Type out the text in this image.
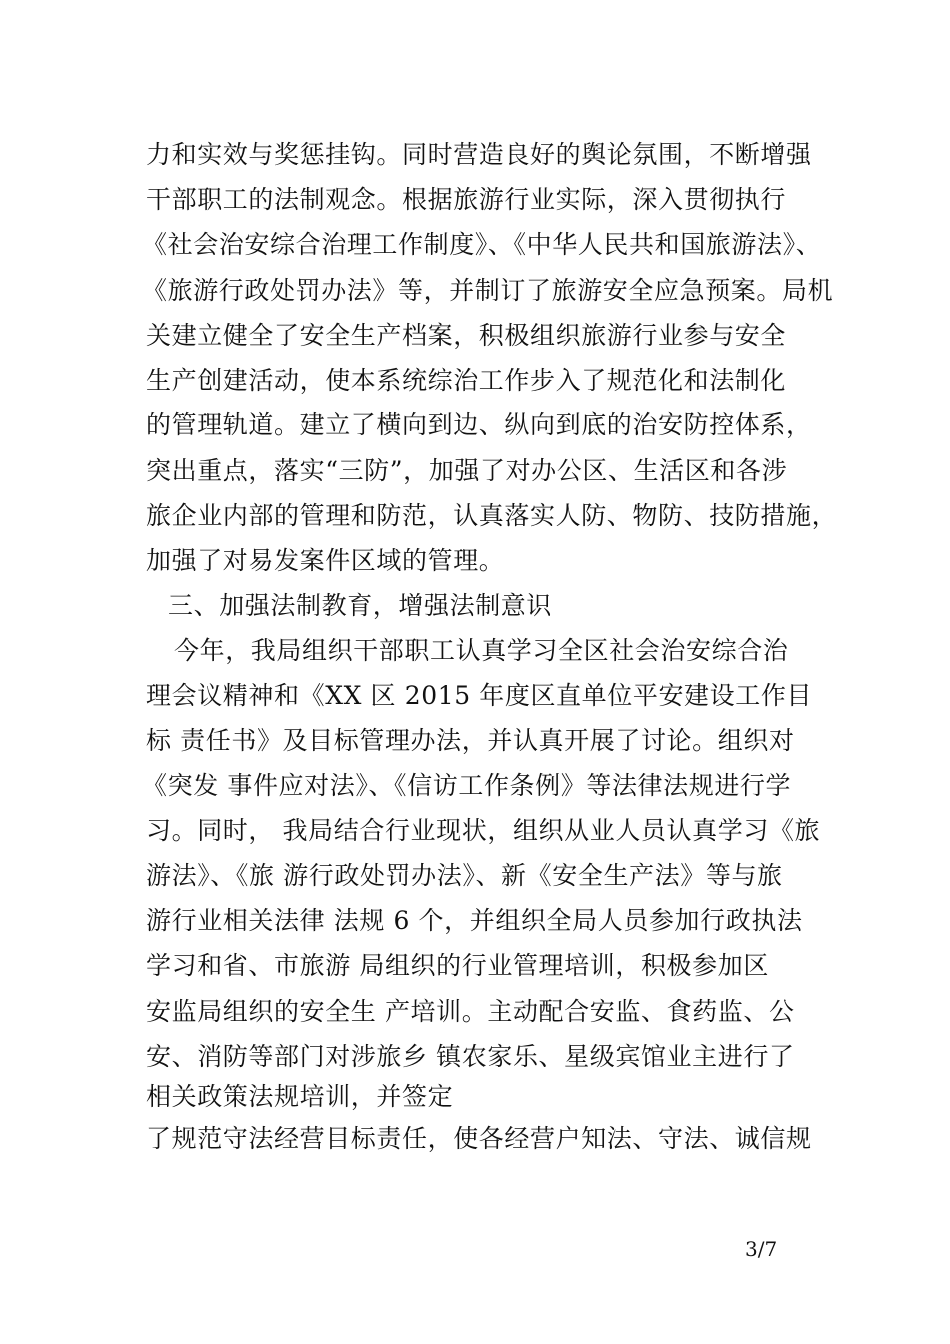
力和实效与奖惩挂钩。同时营造良好的舆论氛围，不断增强
干部职工的法制观念。根据旅游行业实际，深入贯彻执行
《社会治安综合治理工作制度》、《中华人民共和国旅游法》、
《旅游行政处罚办法》等，并制订了旅游安全应急预案。局机
关建立健全了安全生产档案，积极组织旅游行业参与安全
生产创建活动，使本系统综治工作步入了规范化和法制化
的管理轨道。建立了横向到边、纵向到底的治安防控体系，
突出重点，落实“三防”，加强了对办公区、生活区和各涉
旅企业内部的管理和防范，认真落实人防、物防、技防措施，
加强了对易发案件区域的管理。
三、加强法制教育，增强法制意识
今年，我局组织干部职工认真学习全区社会治安综合治
理会议精神和《XX 区 2015 年度区直单位平安建设工作目
标 责任书》及目标管理办法，并认真开展了讨论。组织对
《突发 事件应对法》、《信访工作条例》等法律法规进行学
习。同时， 我局结合行业现状，组织从业人员认真学习《旅
游法》、《旅 游行政处罚办法》、新《安全生产法》等与旅
游行业相关法律 法规 6 个，并组织全局人员参加行政执法
学习和省、市旅游 局组织的行业管理培训，积极参加区
安监局组织的安全生 产培训。主动配合安监、食药监、公
安、消防等部门对涉旅乡 镇农家乐、星级宾馆业主进行了
相关政策法规培训，并签定
了规范守法经营目标责任，使各经营户知法、守法、诚信规
3/7
